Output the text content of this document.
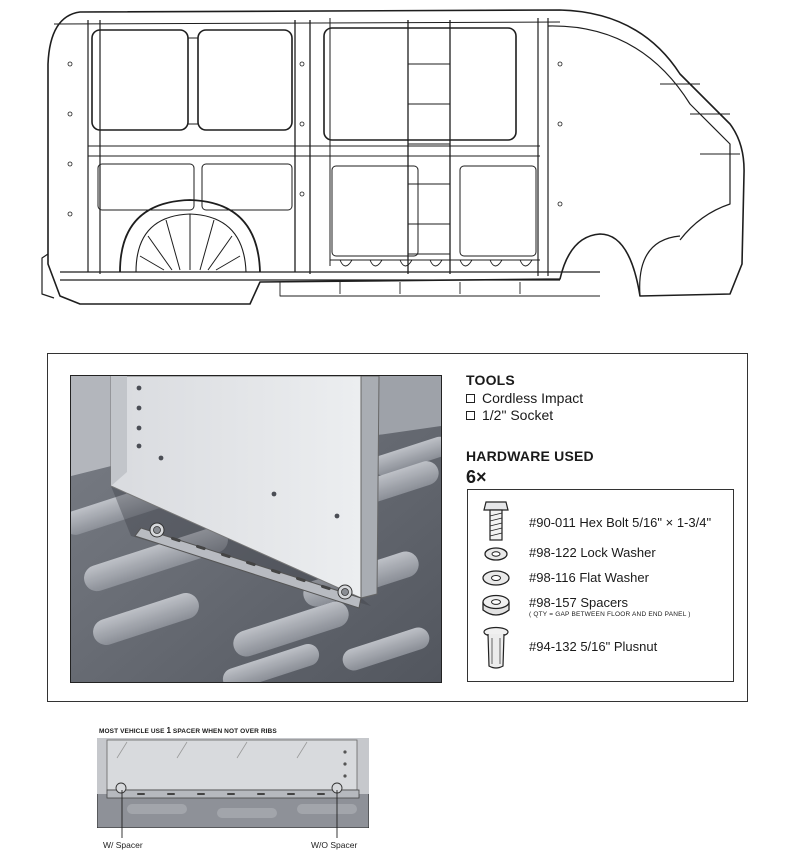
TOOLS
Cordless Impact
1/2" Socket
HARDWARE USED
6×
#90-011 Hex Bolt 5/16" × 1-3/4"
#98-122 Lock Washer
#98-116 Flat Washer
#98-157 Spacers
( QTY = GAP BETWEEN FLOOR AND END PANEL )
#94-132 5/16" Plusnut
MOST VEHICLE USE 1 SPACER WHEN NOT OVER RIBS
W/ Spacer	W/O Spacer
